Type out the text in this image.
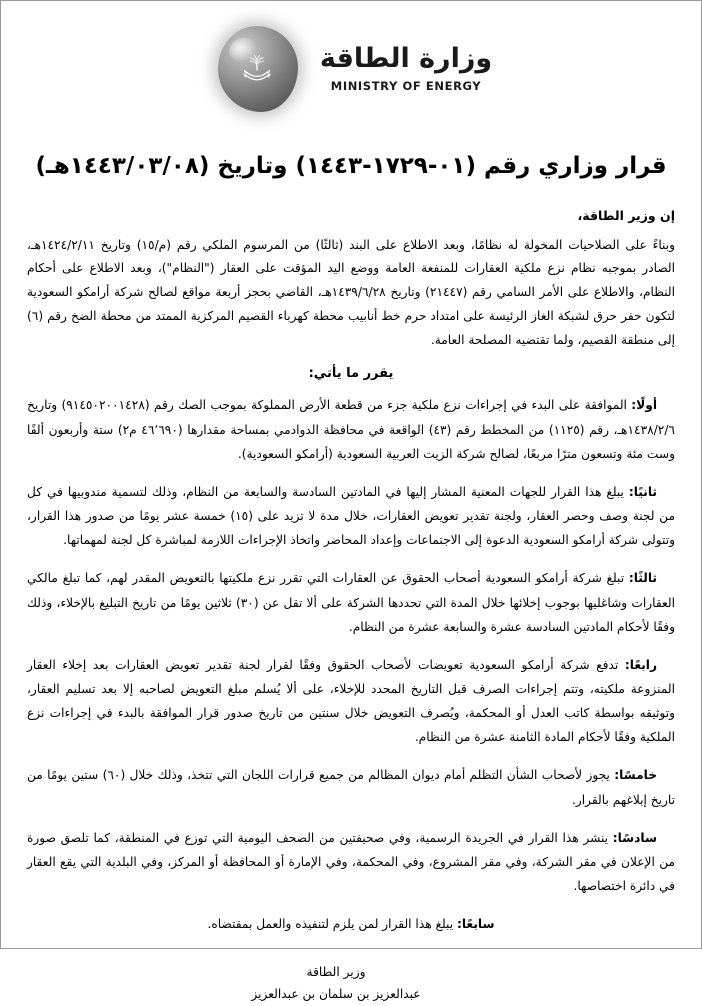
وزارة الطاقة
MINISTRY OF ENERGY
قرار وزاري رقم (٠١-١٧٢٩-١٤٤٣) وتاريخ (١٤٤٣/٠٣/٠٨هـ)

إن وزير الطاقة،

وبناءً على الصلاحيات المخولة له نظامًا، وبعد الاطلاع على البند (ثالثًا) من المرسوم الملكي رقم (م/١٥) وتاريخ ١٤٢٤/٢/١١هـ، الصادر بموجبه نظام نزع ملكية العقارات للمنفعة العامة ووضع اليد المؤقت على العقار ("النظام")، وبعد الاطلاع على أحكام النظام، والاطلاع على الأمر السامي رقم (٢١٤٤٧) وتاريخ ١٤٣٩/٦/٢٨هـ، القاضي بحجز أربعة مواقع لصالح شركة أرامكو السعودية لتكون حفر حرق لشبكة الغاز الرئيسة على امتداد حرم خط أنابيب محطة كهرباء القصيم المركزية الممتد من محطة الضخ رقم (٦) إلى منطقة القصيم، ولما تقتضيه المصلحة العامة.

يقرر ما يأتي:

أولًا: الموافقة على البدء في إجراءات نزع ملكية جزء من قطعة الأرض المملوكة بموجب الصك رقم (٩١٤٥٠٢٠٠١٤٢٨) وتاريخ ١٤٣٨/٢/٦هـ، رقم (١١٢٥) من المخطط رقم (٤٣) الواقعة في محافظة الدوادمي بمساحة مقدارها (٤٦٬٦٩٠ م٢) ستة وأربعون ألفًا وست مئة وتسعون مترًا مربعًا، لصالح شركة الزيت العربية السعودية (أرامكو السعودية).

ثانيًا: يبلغ هذا القرار للجهات المعنية المشار إليها في المادتين السادسة والسابعة من النظام، وذلك لتسمية مندوبيها في كل من لجنة وصف وحصر العقار، ولجنة تقدير تعويض العقارات، خلال مدة لا تزيد على (١٥) خمسة عشر يومًا من صدور هذا القرار، وتتولى شركة أرامكو السعودية الدعوة إلى الاجتماعات وإعداد المحاضر واتخاذ الإجراءات اللازمة لمباشرة كل لجنة لمهماتها.

ثالثًا: تبلغ شركة أرامكو السعودية أصحاب الحقوق عن العقارات التي تقرر نزع ملكيتها بالتعويض المقدر لهم، كما تبلغ مالكي العقارات وشاغليها بوجوب إخلائها خلال المدة التي تحددها الشركة على ألا تقل عن (٣٠) ثلاثين يومًا من تاريخ التبليغ بالإخلاء، وذلك وفقًا لأحكام المادتين السادسة عشرة والسابعة عشرة من النظام.

رابعًا: تدفع شركة أرامكو السعودية تعويضات لأصحاب الحقوق وفقًا لقرار لجنة تقدير تعويض العقارات بعد إخلاء العقار المنزوعة ملكيته، وتتم إجراءات الصرف قبل التاريخ المحدد للإخلاء، على ألا يُسلم مبلغ التعويض لصاحبه إلا بعد تسليم العقار، وتوثيقه بواسطة كاتب العدل أو المحكمة، ويُصرف التعويض خلال سنتين من تاريخ صدور قرار الموافقة بالبدء في إجراءات نزع الملكية وفقًا لأحكام المادة الثامنة عشرة من النظام.

خامسًا: يجوز لأصحاب الشأن التظلم أمام ديوان المظالم من جميع قرارات اللجان التي تتخذ، وذلك خلال (٦٠) ستين يومًا من تاريخ إبلاغهم بالقرار.

سادسًا: ينشر هذا القرار في الجريدة الرسمية، وفي صحيفتين من الصحف اليومية التي توزع في المنطقة، كما تلصق صورة من الإعلان في مقر الشركة، وفي مقر المشروع، وفي المحكمة، وفي الإمارة أو المحافظة أو المركز، وفي البلدية التي يقع العقار في دائرة اختصاصها.

سابعًا: يبلغ هذا القرار لمن يلزم لتنفيذه والعمل بمقتضاه.

وزير الطاقة
عبدالعزيز بن سلمان بن عبدالعزيز
